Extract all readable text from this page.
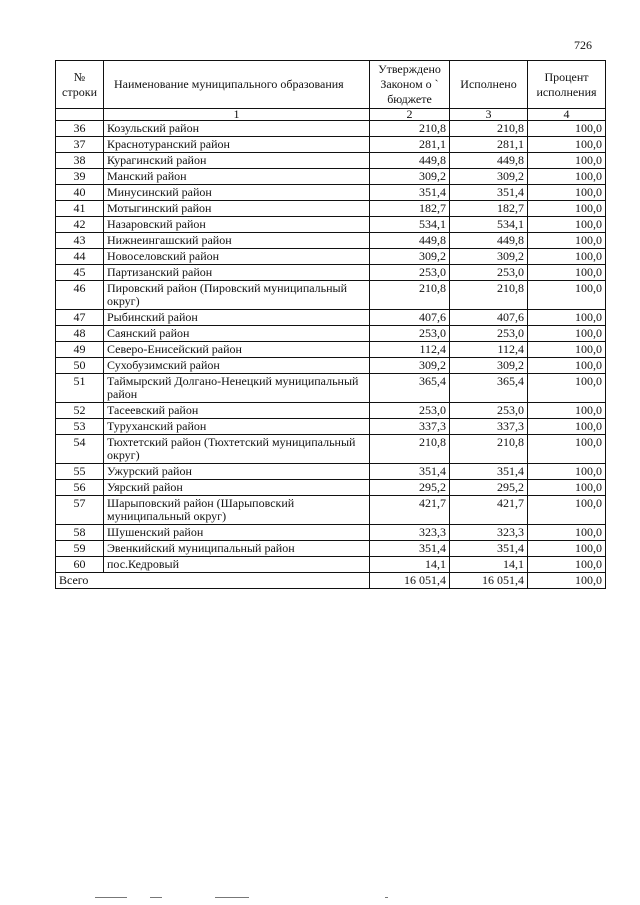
726
№ строки	Наименование муниципального образования	Утверждено Законом о ` бюджете	Исполнено	Процент исполнения
	1	2	3	4
36	Козульский район	210,8	210,8	100,0
37	Краснотуранский район	281,1	281,1	100,0
38	Курагинский район	449,8	449,8	100,0
39	Манский район	309,2	309,2	100,0
40	Минусинский район	351,4	351,4	100,0
41	Мотыгинский район	182,7	182,7	100,0
42	Назаровский район	534,1	534,1	100,0
43	Нижнеингашский район	449,8	449,8	100,0
44	Новоселовский район	309,2	309,2	100,0
45	Партизанский район	253,0	253,0	100,0
46	Пировский район (Пировский муниципальный округ)	210,8	210,8	100,0
47	Рыбинский район	407,6	407,6	100,0
48	Саянский район	253,0	253,0	100,0
49	Северо-Енисейский район	112,4	112,4	100,0
50	Сухобузимский район	309,2	309,2	100,0
51	Таймырский Долгано-Ненецкий муниципальный район	365,4	365,4	100,0
52	Тасеевский район	253,0	253,0	100,0
53	Туруханский район	337,3	337,3	100,0
54	Тюхтетский район (Тюхтетский муниципальный округ)	210,8	210,8	100,0
55	Ужурский район	351,4	351,4	100,0
56	Уярский район	295,2	295,2	100,0
57	Шарыповский район (Шарыповский муниципальный округ)	421,7	421,7	100,0
58	Шушенский район	323,3	323,3	100,0
59	Эвенкийский муниципальный район	351,4	351,4	100,0
60	пос.Кедровый	14,1	14,1	100,0
Всего		16 051,4	16 051,4	100,0
